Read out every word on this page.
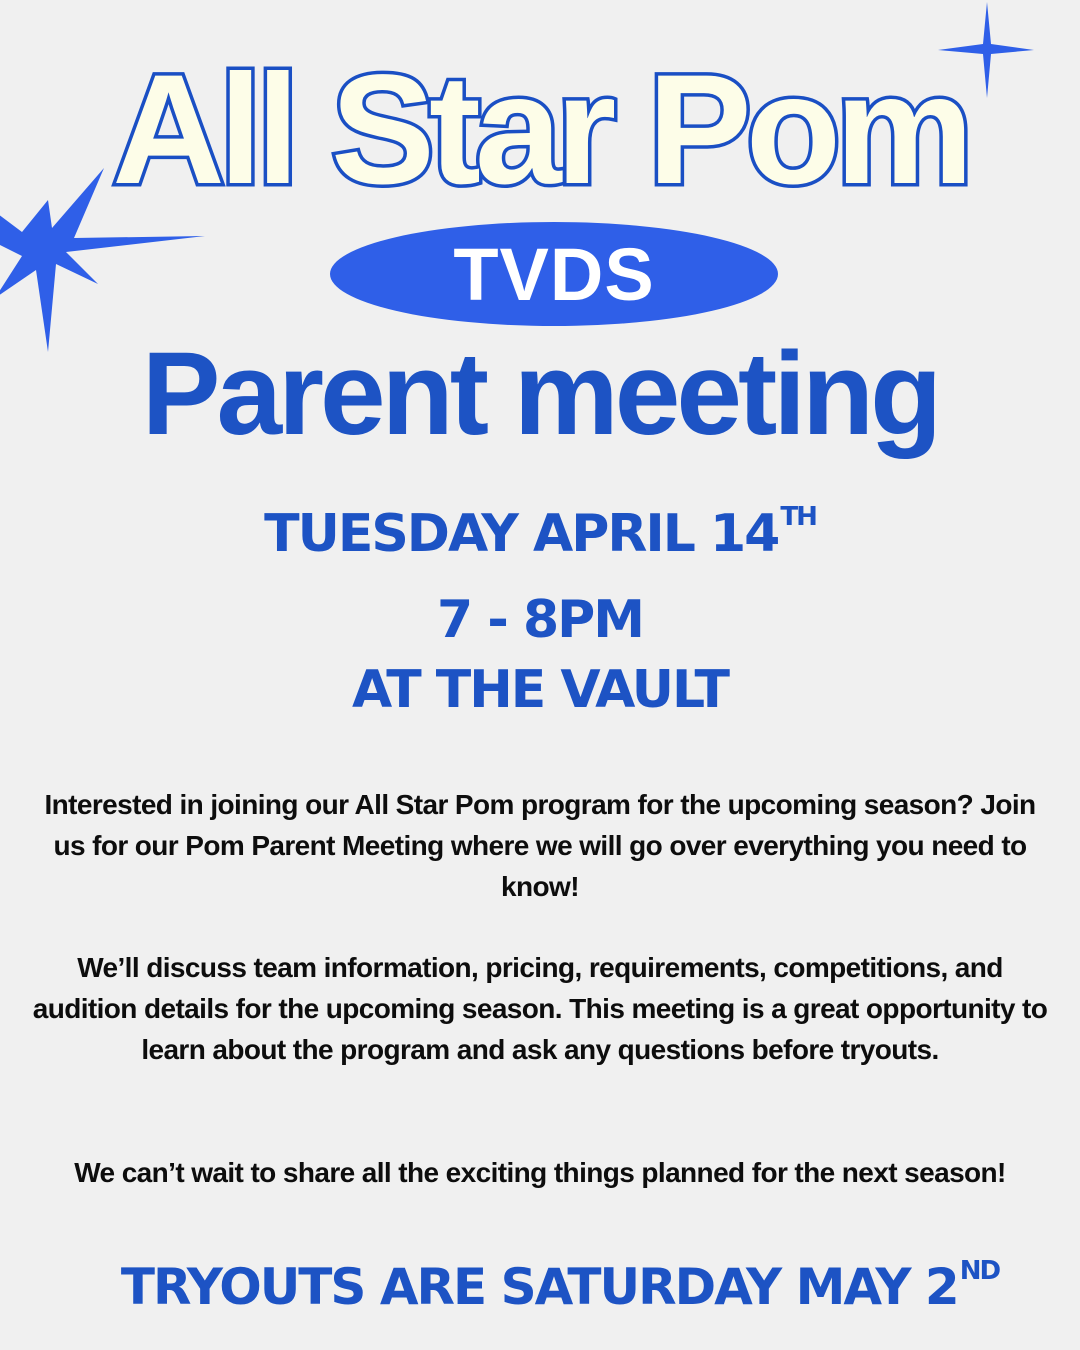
All Star Pom
TVDS
Parent meeting
TUESDAY APRIL 14TH
7 - 8PM
AT THE VAULT
Interested in joining our All Star Pom program for the upcoming season? Join us for our Pom Parent Meeting where we will go over everything you need to know!
We’ll discuss team information, pricing, requirements, competitions, and audition details for the upcoming season. This meeting is a great opportunity to learn about the program and ask any questions before tryouts.
We can’t wait to share all the exciting things planned for the next season!
TRYOUTS ARE SATURDAY MAY 2ND
